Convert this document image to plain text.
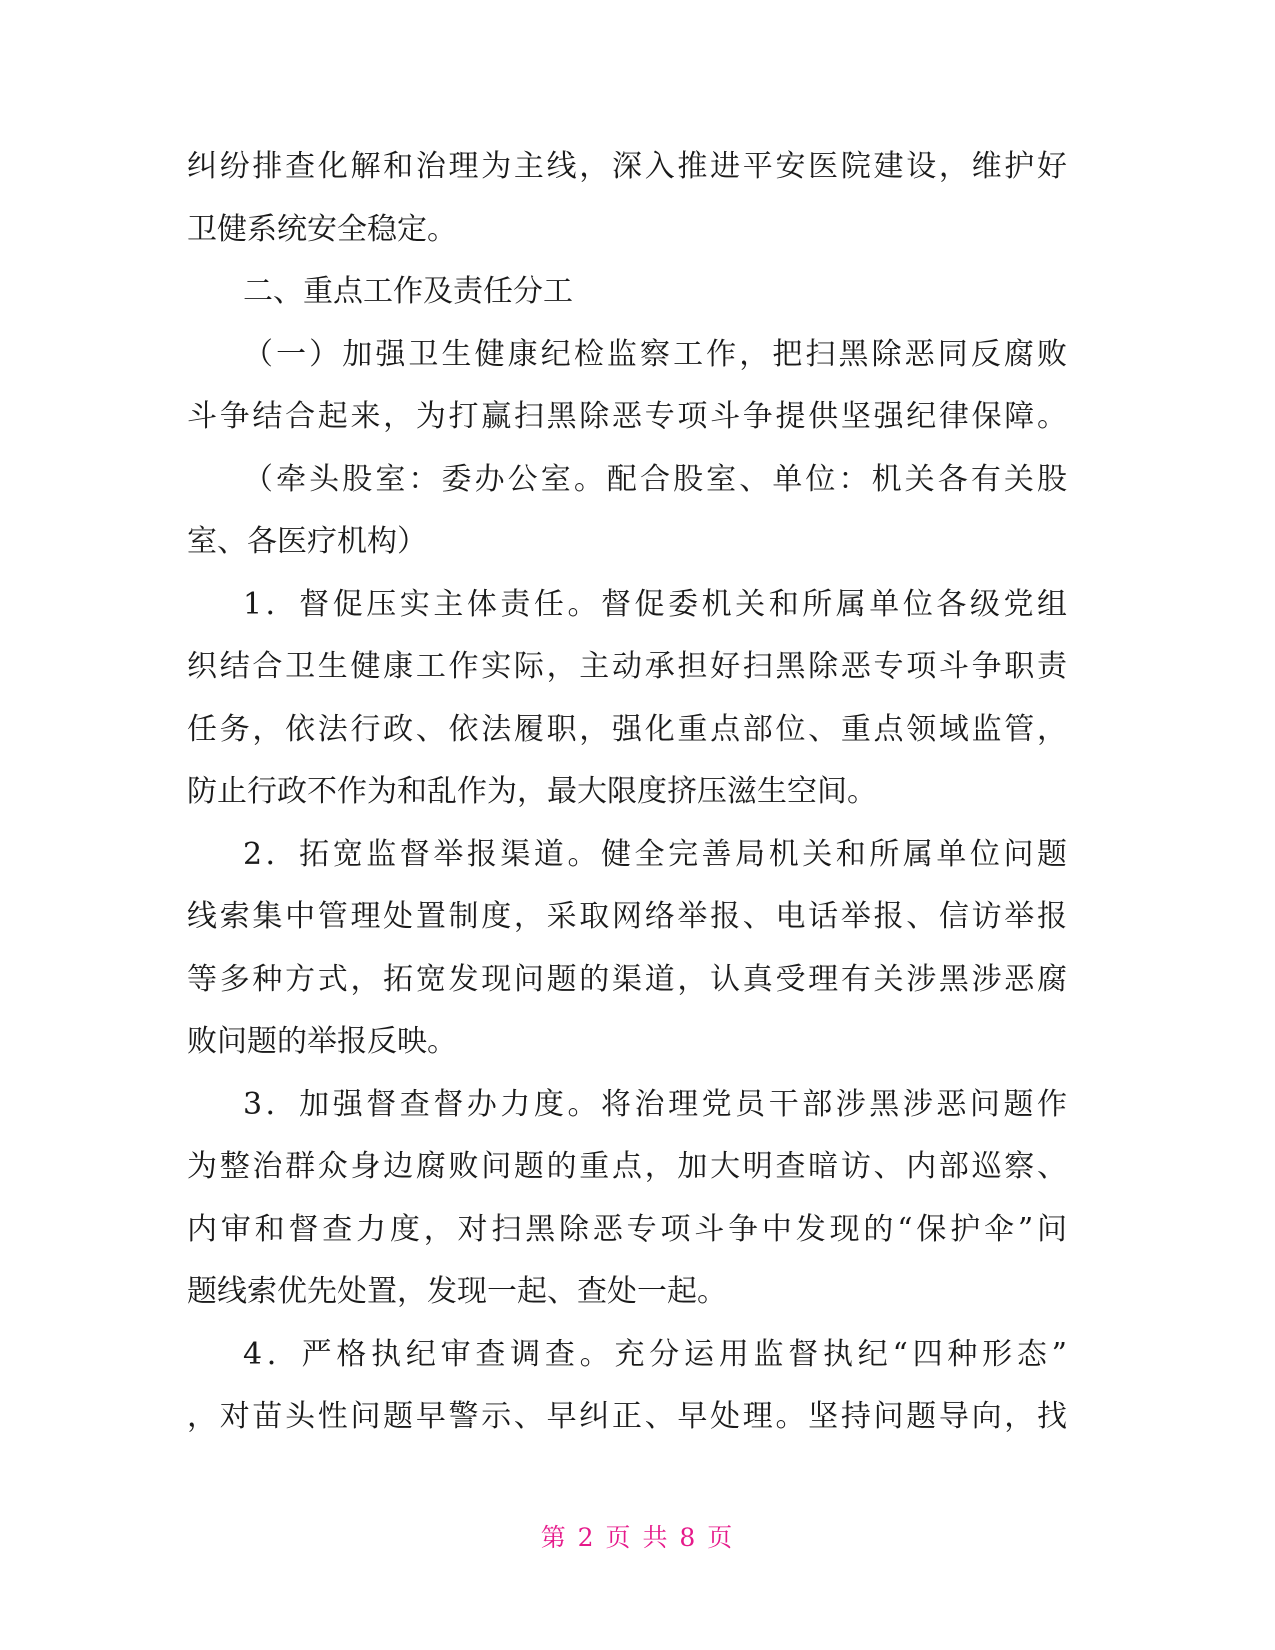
纠纷排查化解和治理为主线，深入推进平安医院建设，维护好
卫健系统安全稳定。
二、重点工作及责任分工
（一）加强卫生健康纪检监察工作，把扫黑除恶同反腐败
斗争结合起来，为打赢扫黑除恶专项斗争提供坚强纪律保障。
（牵头股室：委办公室。配合股室、单位：机关各有关股
室、各医疗机构）
1．督促压实主体责任。督促委机关和所属单位各级党组
织结合卫生健康工作实际，主动承担好扫黑除恶专项斗争职责
任务，依法行政、依法履职，强化重点部位、重点领域监管，
防止行政不作为和乱作为，最大限度挤压滋生空间。
2．拓宽监督举报渠道。健全完善局机关和所属单位问题
线索集中管理处置制度，采取网络举报、电话举报、信访举报
等多种方式，拓宽发现问题的渠道，认真受理有关涉黑涉恶腐
败问题的举报反映。
3．加强督查督办力度。将治理党员干部涉黑涉恶问题作
为整治群众身边腐败问题的重点，加大明查暗访、内部巡察、
内审和督查力度，对扫黑除恶专项斗争中发现的“保护伞”问
题线索优先处置，发现一起、查处一起。
4．严格执纪审查调查。充分运用监督执纪“四种形态”
，对苗头性问题早警示、早纠正、早处理。坚持问题导向，找
第 2 页 共 8 页
